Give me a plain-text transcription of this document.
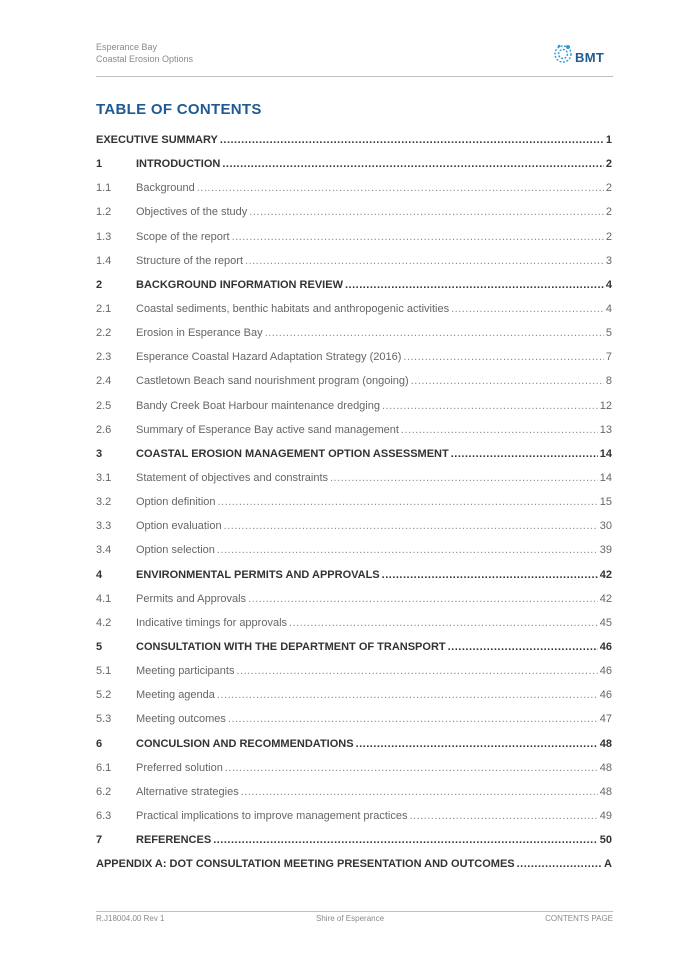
Esperance Bay
Coastal Erosion Options	BMT
TABLE OF CONTENTS
EXECUTIVE SUMMARY .....	1
1	INTRODUCTION .....	2
1.1	Background .....	2
1.2	Objectives of the study .....	2
1.3	Scope of the report .....	2
1.4	Structure of the report .....	3
2	BACKGROUND INFORMATION REVIEW .....	4
2.1	Coastal sediments, benthic habitats and anthropogenic activities .....	4
2.2	Erosion in Esperance Bay .....	5
2.3	Esperance Coastal Hazard Adaptation Strategy (2016) .....	7
2.4	Castletown Beach sand nourishment program (ongoing) .....	8
2.5	Bandy Creek Boat Harbour maintenance dredging .....	12
2.6	Summary of Esperance Bay active sand management .....	13
3	COASTAL EROSION MANAGEMENT OPTION ASSESSMENT .....	14
3.1	Statement of objectives and constraints .....	14
3.2	Option definition .....	15
3.3	Option evaluation .....	30
3.4	Option selection .....	39
4	ENVIRONMENTAL PERMITS AND APPROVALS .....	42
4.1	Permits and Approvals .....	42
4.2	Indicative timings for approvals .....	45
5	CONSULTATION WITH THE DEPARTMENT OF TRANSPORT .....	46
5.1	Meeting participants .....	46
5.2	Meeting agenda .....	46
5.3	Meeting outcomes .....	47
6	CONCULSION AND RECOMMENDATIONS .....	48
6.1	Preferred solution .....	48
6.2	Alternative strategies .....	48
6.3	Practical implications to improve management practices .....	49
7	REFERENCES .....	50
APPENDIX A: DOT CONSULTATION MEETING PRESENTATION AND OUTCOMES .....	A
R.J18004.00 Rev 1	Shire of Esperance	CONTENTS PAGE
